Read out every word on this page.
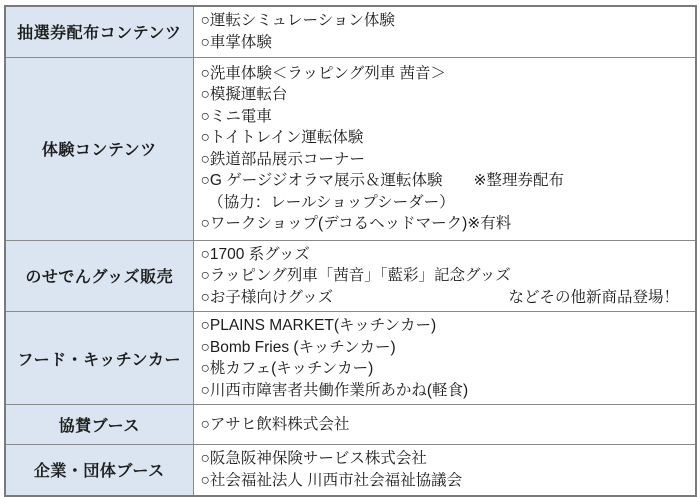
抽選券配布コンテンツ	○運転シミュレーション体験
○車掌体験

体験コンテンツ	
○洗車体験＜ラッピング列車 茜音＞
○模擬運転台
○ミニ電車
○トイトレイン運転体験
○鉄道部品展示コーナー
○G ゲージジオラマ展示＆運転体験　　※整理券配布
　（協力：レールショップシーダー）
○ワークショップ(デコるヘッドマーク)※有料

のせでんグッズ販売	○1700 系グッズ
○ラッピング列車「茜音」「藍彩」記念グッズ
○お子様向けグッズ などその他新商品登場！

フード・キッチンカー	○PLAINS MARKET(キッチンカー)
○Bomb Fries (キッチンカー)
○桃カフェ(キッチンカー)
○川西市障害者共働作業所あかね(軽食)

協賛ブース	○アサヒ飲料株式会社

企業・団体ブース	○阪急阪神保険サービス株式会社
○社会福祉法人 川西市社会福祉協議会
